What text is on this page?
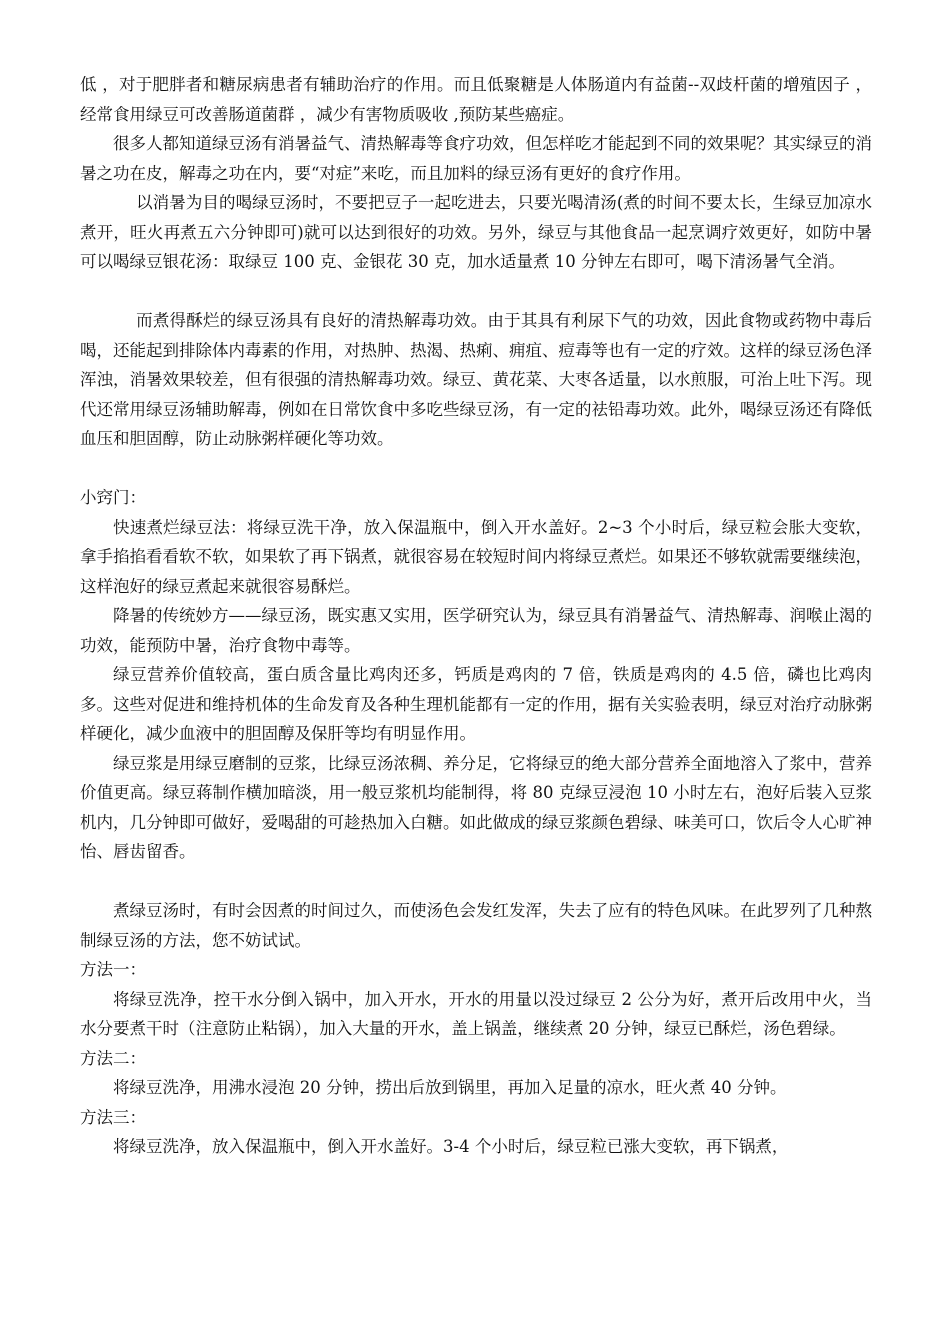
低 ，对于肥胖者和糖尿病患者有辅助治疗的作用。而且低聚糖是人体肠道内有益菌--双歧杆菌的增殖因子 ，经常食用绿豆可改善肠道菌群 ，减少有害物质吸收 ,预防某些癌症。

很多人都知道绿豆汤有消暑益气、清热解毒等食疗功效，但怎样吃才能起到不同的效果呢？其实绿豆的消暑之功在皮，解毒之功在内，要“对症”来吃，而且加料的绿豆汤有更好的食疗作用。

以消暑为目的喝绿豆汤时，不要把豆子一起吃进去，只要光喝清汤(煮的时间不要太长，生绿豆加凉水煮开，旺火再煮五六分钟即可)就可以达到很好的功效。另外，绿豆与其他食品一起烹调疗效更好，如防中暑可以喝绿豆银花汤：取绿豆 100 克、金银花 30 克，加水适量煮 10 分钟左右即可，喝下清汤暑气全消。

而煮得酥烂的绿豆汤具有良好的清热解毒功效。由于其具有利尿下气的功效，因此食物或药物中毒后喝，还能起到排除体内毒素的作用，对热肿、热渴、热痢、痈疽、痘毒等也有一定的疗效。这样的绿豆汤色泽浑浊，消暑效果较差，但有很强的清热解毒功效。绿豆、黄花菜、大枣各适量，以水煎服，可治上吐下泻。现代还常用绿豆汤辅助解毒，例如在日常饮食中多吃些绿豆汤，有一定的祛铅毒功效。此外，喝绿豆汤还有降低血压和胆固醇，防止动脉粥样硬化等功效。

小窍门：

快速煮烂绿豆法：将绿豆洗干净，放入保温瓶中，倒入开水盖好。2~3 个小时后，绿豆粒会胀大变软，拿手掐掐看看软不软，如果软了再下锅煮，就很容易在较短时间内将绿豆煮烂。如果还不够软就需要继续泡，这样泡好的绿豆煮起来就很容易酥烂。

降暑的传统妙方——绿豆汤，既实惠又实用，医学研究认为，绿豆具有消暑益气、清热解毒、润喉止渴的功效，能预防中暑，治疗食物中毒等。

绿豆营养价值较高，蛋白质含量比鸡肉还多，钙质是鸡肉的 7 倍，铁质是鸡肉的 4.5 倍，磷也比鸡肉多。这些对促进和维持机体的生命发育及各种生理机能都有一定的作用，据有关实验表明，绿豆对治疗动脉粥样硬化，减少血液中的胆固醇及保肝等均有明显作用。

绿豆浆是用绿豆磨制的豆浆，比绿豆汤浓稠、养分足，它将绿豆的绝大部分营养全面地溶入了浆中，营养价值更高。绿豆蒋制作横加暗淡，用一般豆浆机均能制得，将 80 克绿豆浸泡 10 小时左右，泡好后装入豆浆机内，几分钟即可做好，爱喝甜的可趁热加入白糖。如此做成的绿豆浆颜色碧绿、味美可口，饮后令人心旷神怡、唇齿留香。

煮绿豆汤时，有时会因煮的时间过久，而使汤色会发红发浑，失去了应有的特色风味。在此罗列了几种熬制绿豆汤的方法，您不妨试试。

方法一：

将绿豆洗净，控干水分倒入锅中，加入开水，开水的用量以没过绿豆 2 公分为好，煮开后改用中火，当水分要煮干时（注意防止粘锅），加入大量的开水，盖上锅盖，继续煮 20 分钟，绿豆已酥烂，汤色碧绿。

方法二：

将绿豆洗净，用沸水浸泡 20 分钟，捞出后放到锅里，再加入足量的凉水，旺火煮 40 分钟。

方法三：

将绿豆洗净，放入保温瓶中，倒入开水盖好。3-4 个小时后，绿豆粒已涨大变软，再下锅煮，
